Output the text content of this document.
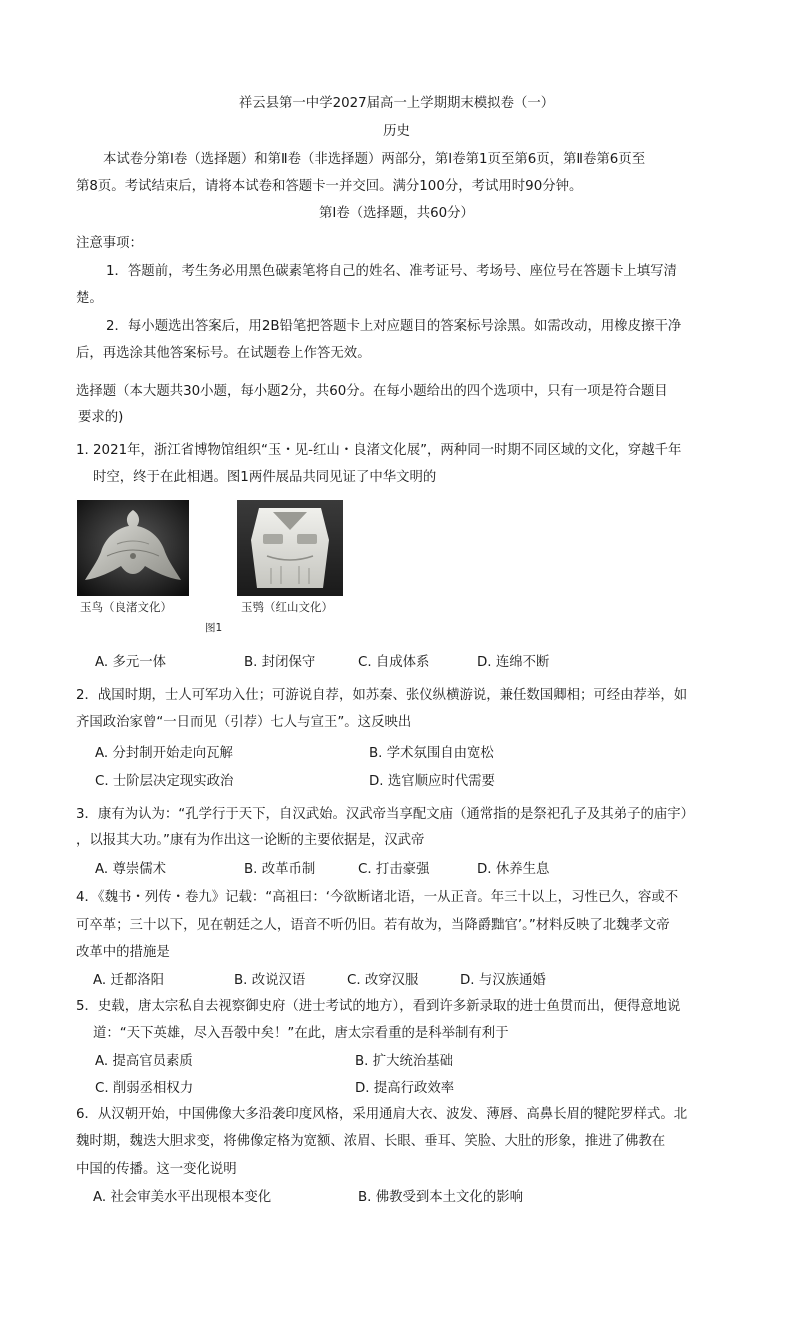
祥云县第一中学2027届高一上学期期末模拟卷（一）
历史
本试卷分第Ⅰ卷（选择题）和第Ⅱ卷（非选择题）两部分，第Ⅰ卷第1页至第6页，第Ⅱ卷第6页至
第8页。考试结束后，请将本试卷和答题卡一并交回。满分100分，考试用时90分钟。
第Ⅰ卷（选择题，共60分）
注意事项：
1．答题前，考生务必用黑色碳素笔将自己的姓名、准考证号、考场号、座位号在答题卡上填写清
楚。
2．每小题选出答案后，用2B铅笔把答题卡上对应题目的答案标号涂黑。如需改动，用橡皮擦干净
后，再选涂其他答案标号。在试题卷上作答无效。
选择题（本大题共30小题，每小题2分，共60分。在每小题给出的四个选项中，只有一项是符合题目
要求的)
1. 2021年，浙江省博物馆组织“玉・见-红山・良渚文化展”，两种同一时期不同区域的文化，穿越千年
时空，终于在此相遇。图1两件展品共同见证了中华文明的
玉鸟（良渚文化）	玉鸮（红山文化）
图1
A. 多元一体	B. 封闭保守	C. 自成体系	D. 连绵不断
2．战国时期，士人可军功入仕；可游说自荐，如苏秦、张仪纵横游说，兼任数国卿相；可经由荐举，如
齐国政治家曾“一日而见（引荐）七人与宣王”。这反映出
A. 分封制开始走向瓦解	B. 学术氛围自由宽松
C. 士阶层决定现实政治	D. 选官顺应时代需要
3．康有为认为：“孔学行于天下，自汉武始。汉武帝当享配文庙（通常指的是祭祀孔子及其弟子的庙宇）
，以报其大功。”康有为作出这一论断的主要依据是，汉武帝
A. 尊崇儒术	B. 改革币制	C. 打击豪强	D. 休养生息
4．《魏书・列传・卷九》记载：“高祖曰：‘今欲断诸北语，一从正音。年三十以上，习性已久，容或不
可卒革；三十以下，见在朝廷之人，语音不听仍旧。若有故为，当降爵黜官’。”材料反映了北魏孝文帝
改革中的措施是
A. 迁都洛阳	B. 改说汉语	C. 改穿汉服	D. 与汉族通婚
5．史载，唐太宗私自去视察御史府（进士考试的地方），看到许多新录取的进士鱼贯而出，便得意地说
道：“天下英雄，尽入吾彀中矣！”在此，唐太宗看重的是科举制有利于
A. 提高官员素质	B. 扩大统治基础
C. 削弱丞相权力	D. 提高行政效率
6．从汉朝开始，中国佛像大多沿袭印度风格，采用通肩大衣、波发、薄唇、高鼻长眉的犍陀罗样式。北
魏时期，魏迭大胆求变，将佛像定格为宽额、浓眉、长眼、垂耳、笑脸、大肚的形象，推进了佛教在
中国的传播。这一变化说明
A. 社会审美水平出现根本变化	B. 佛教受到本土文化的影响
